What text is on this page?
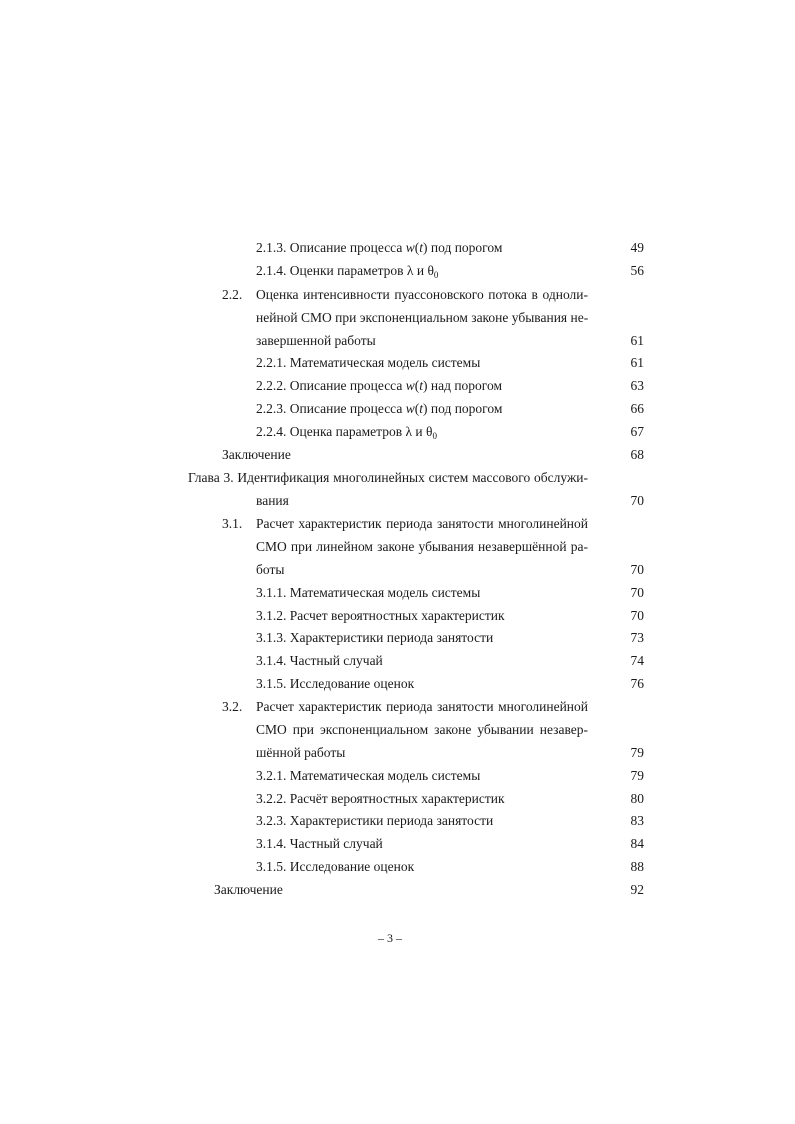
2.1.3. Описание процесса w(t) под порогом	49
2.1.4. Оценки параметров λ и $\theta_0$	56
2.2. Оценка интенсивности пуассоновского потока в одноли-
нейной СМО при экспоненциальном законе убывания не-
завершенной работы	61
2.2.1. Математическая модель системы	61
2.2.2. Описание процесса w(t) над порогом	63
2.2.3. Описание процесса w(t) под порогом	66
2.2.4. Оценка параметров λ и $\theta_0$	67
Заключение	68
Глава 3. Идентификация многолинейных систем массового обслужи-
вания	70
3.1. Расчет характеристик периода занятости многолинейной
СМО при линейном законе убывания незавершённой ра-
боты	70
3.1.1. Математическая модель системы	70
3.1.2. Расчет вероятностных характеристик	70
3.1.3. Характеристики периода занятости	73
3.1.4. Частный случай	74
3.1.5. Исследование оценок	76
3.2. Расчет характеристик периода занятости многолинейной
СМО при экспоненциальном законе убывании незавер-
шённой работы	79
3.2.1. Математическая модель системы	79
3.2.2. Расчёт вероятностных характеристик	80
3.2.3. Характеристики периода занятости	83
3.1.4. Частный случай	84
3.1.5. Исследование оценок	88
Заключение	92
– 3 –
